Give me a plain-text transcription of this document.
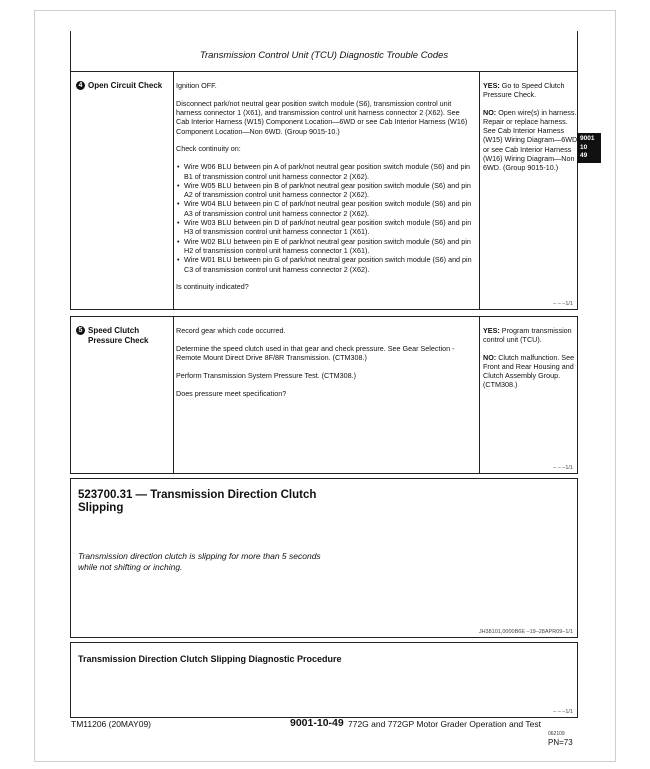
Transmission Control Unit (TCU) Diagnostic Trouble Codes
4 Open Circuit Check Ignition OFF.

Disconnect park/not neutral gear position switch module (S6), transmission control unit harness connector 1 (X61), and transmission control unit harness connector 2 (X62). See Cab Interior Harness (W15) Component Location—6WD or see Cab Interior Harness (W16) Component Location—Non 6WD. (Group 9015-10.)

Check continuity on:

• Wire W06 BLU between pin A of park/not neutral gear position switch module (S6) and pin B1 of transmission control unit harness connector 2 (X62).
• Wire W05 BLU between pin B of park/not neutral gear position switch module (S6) and pin A2 of transmission control unit harness connector 2 (X62).
• Wire W04 BLU between pin C of park/not neutral gear position switch module (S6) and pin A3 of transmission control unit harness connector 2 (X62).
• Wire W03 BLU between pin D of park/not neutral gear position switch module (S6) and pin H3 of transmission control unit harness connector 1 (X61).
• Wire W02 BLU between pin E of park/not neutral gear position switch module (S6) and pin H2 of transmission control unit harness connector 1 (X61).
• Wire W01 BLU between pin G of park/not neutral gear position switch module (S6) and pin C3 of transmission control unit harness connector 2 (X62).

Is continuity indicated?

YES: Go to Speed Clutch Pressure Check.

NO: Open wire(s) in harness. Repair or replace harness. See Cab Interior Harness (W15) Wiring Diagram—6WD or see Cab Interior Harness (W16) Wiring Diagram—Non 6WD. (Group 9015-10.)

– – –1/1
9001
10
49
5 Speed Clutch Pressure Check

Record gear which code occurred.

Determine the speed clutch used in that gear and check pressure. See Gear Selection - Remote Mount Direct Drive 8F/8R Transmission. (CTM308.)

Perform Transmission System Pressure Test. (CTM308.)

Does pressure meet specification?

YES: Program transmission control unit (TCU).

NO: Clutch malfunction. See Front and Rear Housing and Clutch Assembly Group. (CTM308.)

– – –1/1
523700.31 — Transmission Direction Clutch Slipping
Transmission direction clutch is slipping for more than 5 seconds while not shifting or inching.
JH38101,0000B6E –19–28APR09–1/1
Transmission Direction Clutch Slipping Diagnostic Procedure
– – –1/1
TM11206 (20MAY09)	9001-10-49 772G and 772GP Motor Grader Operation and Test
062109
PN=73
